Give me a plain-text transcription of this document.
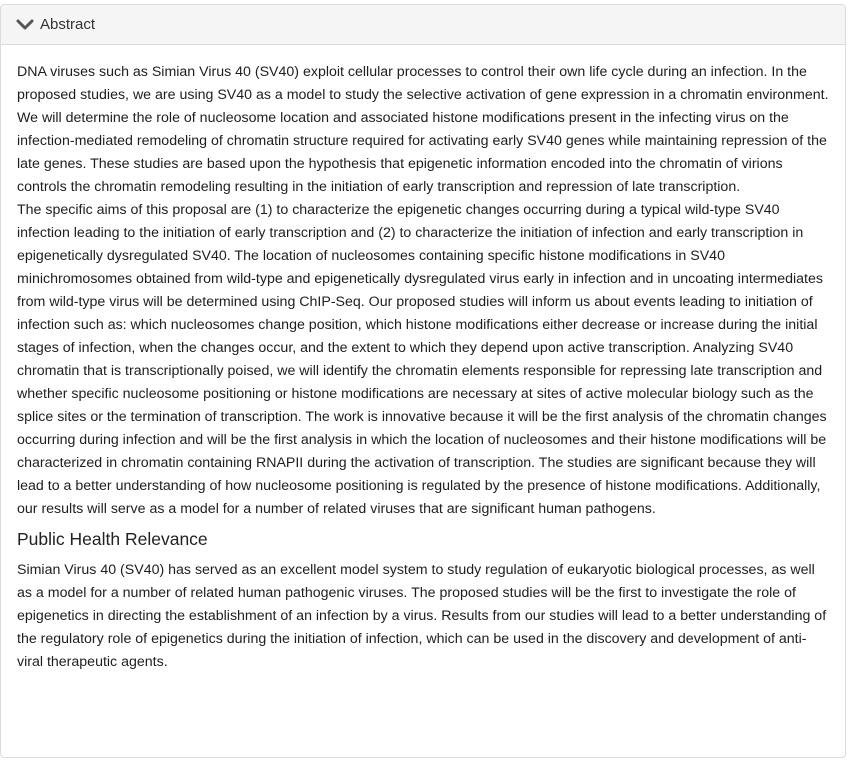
Abstract

DNA viruses such as Simian Virus 40 (SV40) exploit cellular processes to control their own life cycle during an infection. In the proposed studies, we are using SV40 as a model to study the selective activation of gene expression in a chromatin environment. We will determine the role of nucleosome location and associated histone modifications present in the infecting virus on the infection-mediated remodeling of chromatin structure required for activating early SV40 genes while maintaining repression of the late genes. These studies are based upon the hypothesis that epigenetic information encoded into the chromatin of virions controls the chromatin remodeling resulting in the initiation of early transcription and repression of late transcription.

The specific aims of this proposal are (1) to characterize the epigenetic changes occurring during a typical wild-type SV40 infection leading to the initiation of early transcription and (2) to characterize the initiation of infection and early transcription in epigenetically dysregulated SV40. The location of nucleosomes containing specific histone modifications in SV40 minichromosomes obtained from wild-type and epigenetically dysregulated virus early in infection and in uncoating intermediates from wild-type virus will be determined using ChIP-Seq. Our proposed studies will inform us about events leading to initiation of infection such as: which nucleosomes change position, which histone modifications either decrease or increase during the initial stages of infection, when the changes occur, and the extent to which they depend upon active transcription. Analyzing SV40 chromatin that is transcriptionally poised, we will identify the chromatin elements responsible for repressing late transcription and whether specific nucleosome positioning or histone modifications are necessary at sites of active molecular biology such as the splice sites or the termination of transcription. The work is innovative because it will be the first analysis of the chromatin changes occurring during infection and will be the first analysis in which the location of nucleosomes and their histone modifications will be characterized in chromatin containing RNAPII during the activation of transcription. The studies are significant because they will lead to a better understanding of how nucleosome positioning is regulated by the presence of histone modifications. Additionally, our results will serve as a model for a number of related viruses that are significant human pathogens.

Public Health Relevance

Simian Virus 40 (SV40) has served as an excellent model system to study regulation of eukaryotic biological processes, as well as a model for a number of related human pathogenic viruses. The proposed studies will be the first to investigate the role of epigenetics in directing the establishment of an infection by a virus. Results from our studies will lead to a better understanding of the regulatory role of epigenetics during the initiation of infection, which can be used in the discovery and development of anti-viral therapeutic agents.
